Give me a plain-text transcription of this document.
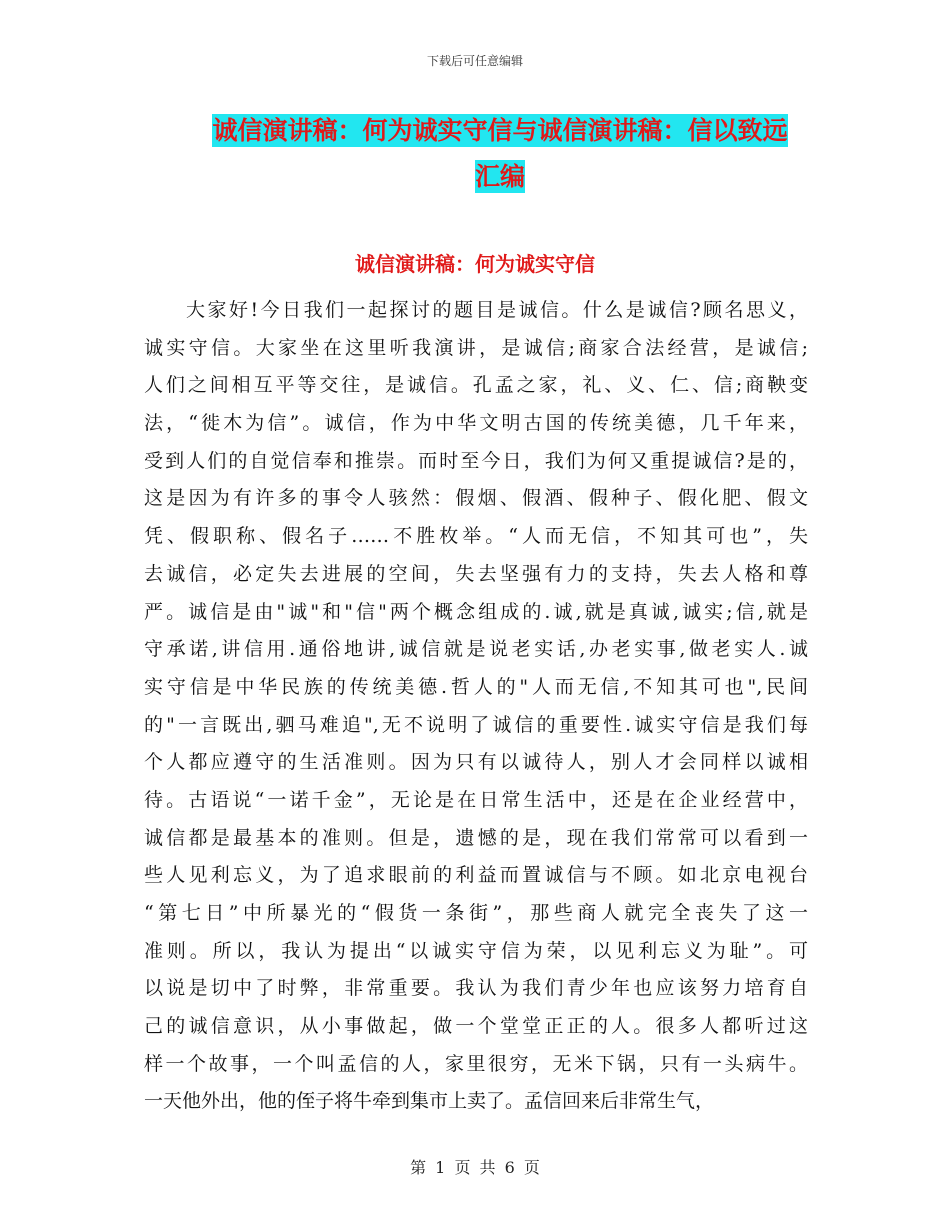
下载后可任意编辑
诚信演讲稿：何为诚实守信与诚信演讲稿：信以致远
汇编
诚信演讲稿：何为诚实守信
大家好!今日我们一起探讨的题目是诚信。什么是诚信?顾名思义，
诚实守信。大家坐在这里听我演讲，是诚信;商家合法经营，是诚信;
人们之间相互平等交往，是诚信。孔孟之家，礼、义、仁、信;商鞅变
法，“徙木为信”。诚信，作为中华文明古国的传统美德，几千年来，
受到人们的自觉信奉和推崇。而时至今日，我们为何又重提诚信?是的，
这是因为有许多的事令人骇然：假烟、假酒、假种子、假化肥、假文
凭、假职称、假名子……不胜枚举。“人而无信，不知其可也”，失
去诚信，必定失去进展的空间，失去坚强有力的支持，失去人格和尊
严。诚信是由"诚"和"信"两个概念组成的.诚,就是真诚,诚实;信,就是
守承诺,讲信用.通俗地讲,诚信就是说老实话,办老实事,做老实人.诚
实守信是中华民族的传统美德.哲人的"人而无信,不知其可也",民间
的"一言既出,驷马难追",无不说明了诚信的重要性.诚实守信是我们每
个人都应遵守的生活准则。因为只有以诚待人，别人才会同样以诚相
待。古语说“一诺千金”，无论是在日常生活中，还是在企业经营中，
诚信都是最基本的准则。但是，遗憾的是，现在我们常常可以看到一
些人见利忘义，为了追求眼前的利益而置诚信与不顾。如北京电视台
“第七日”中所暴光的“假货一条街”，那些商人就完全丧失了这一
准则。所以，我认为提出“以诚实守信为荣，以见利忘义为耻”。可
以说是切中了时弊，非常重要。我认为我们青少年也应该努力培育自
己的诚信意识，从小事做起，做一个堂堂正正的人。很多人都听过这
样一个故事，一个叫孟信的人，家里很穷，无米下锅，只有一头病牛。
一天他外出，他的侄子将牛牵到集市上卖了。孟信回来后非常生气，
第 1 页 共 6 页
